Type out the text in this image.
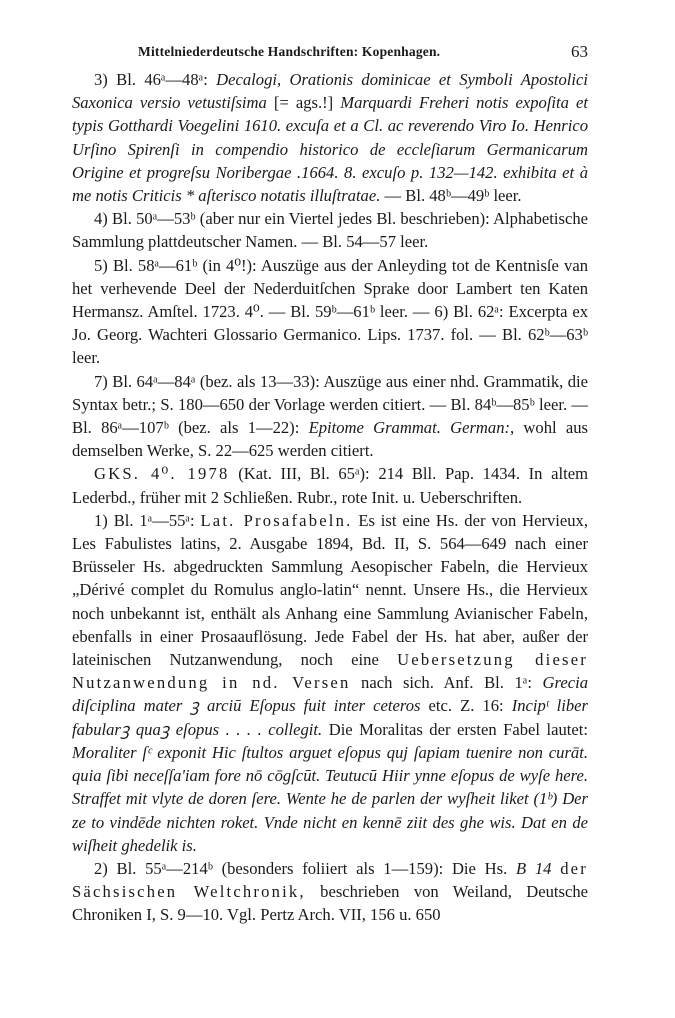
Mittelniederdeutsche Handschriften: Kopenhagen.	63

3) Bl. 46ᵃ—48ᵃ: Decalogi, Orationis dominicae et Symboli Apostolici Saxonica versio vetustiſsima [= ags.!] Marquardi Freheri notis expoſita et typis Gotthardi Voegelini 1610. excuſa et a Cl. ac reverendo Viro Io. Henrico Urſino Spirenſi in compendio historico de eccleſiarum Germanicarum Origine et progreſsu Noribergae .1664. 8. excuſo p. 132—142. exhibita et à me notis Criticis * aſterisco notatis illuſtratae. — Bl. 48ᵇ—49ᵇ leer.

4) Bl. 50ᵃ—53ᵇ (aber nur ein Viertel jedes Bl. beschrieben): Alphabetische Sammlung plattdeutscher Namen. — Bl. 54—57 leer.

5) Bl. 58ᵃ—61ᵇ (in 4⁰!): Auszüge aus der Anleyding tot de Kentnisſe van het verhevende Deel der Nederduitſchen Sprake door Lambert ten Katen Hermansz. Amſtel. 1723. 4⁰. — Bl. 59ᵇ—61ᵇ leer. — 6) Bl. 62ᵃ: Excerpta ex Jo. Georg. Wachteri Glossario Germanico. Lips. 1737. fol. — Bl. 62ᵇ—63ᵇ leer.

7) Bl. 64ᵃ—84ᵃ (bez. als 13—33): Auszüge aus einer nhd. Grammatik, die Syntax betr.; S. 180—650 der Vorlage werden citiert. — Bl. 84ᵇ—85ᵇ leer. — Bl. 86ᵃ—107ᵇ (bez. als 1—22): Epitome Grammat. German:, wohl aus demselben Werke, S. 22—625 werden citiert.

GKS. 4⁰. 1978 (Kat. III, Bl. 65ᵃ): 214 Bll. Pap. 1434. In altem Lederbd., früher mit 2 Schließen. Rubr., rote Init. u. Ueberschriften.

1) Bl. 1ᵃ—55ᵃ: Lat. Prosafabeln. Es ist eine Hs. der von Hervieux, Les Fabulistes latins, 2. Ausgabe 1894, Bd. II, S. 564—649 nach einer Brüsseler Hs. abgedruckten Sammlung Aesopischer Fabeln, die Hervieux „Dérivé complet du Romulus anglo-latin“ nennt. Unsere Hs., die Hervieux noch unbekannt ist, enthält als Anhang eine Sammlung Avianischer Fabeln, ebenfalls in einer Prosaauflösung. Jede Fabel der Hs. hat aber, außer der lateinischen Nutzanwendung, noch eine Uebersetzung dieser Nutzanwendung in nd. Versen nach sich. Anf. Bl. 1ᵃ: Grecia diſciplina mater ꝫ arciū Eſopus fuit inter ceteros etc. Z. 16: Incipᵗ liber fabularꝫ quaꝫ eſopus . . . . collegit. Die Moralitas der ersten Fabel lautet: Moraliter ſᶜ exponit Hic ſtultos arguet eſopus quj ſapiam tuenire non curāt. quia ſibi neceſſa'iam fore nō cōgſcūt. Teutucū Hiir ynne eſopus de wyſe here. Straffet mit vlyte de doren ſere. Wente he de parlen der wyſheit liket (1ᵇ) Der ze to vindēde nichten roket. Vnde nicht en kennē ziit des ghe wis. Dat en de wiſheit ghedelik is.

2) Bl. 55ᵃ—214ᵇ (besonders foliiert als 1—159): Die Hs. B 14 der Sächsischen Weltchronik, beschrieben von Weiland, Deutsche Chroniken I, S. 9—10. Vgl. Pertz Arch. VII, 156 u. 650
